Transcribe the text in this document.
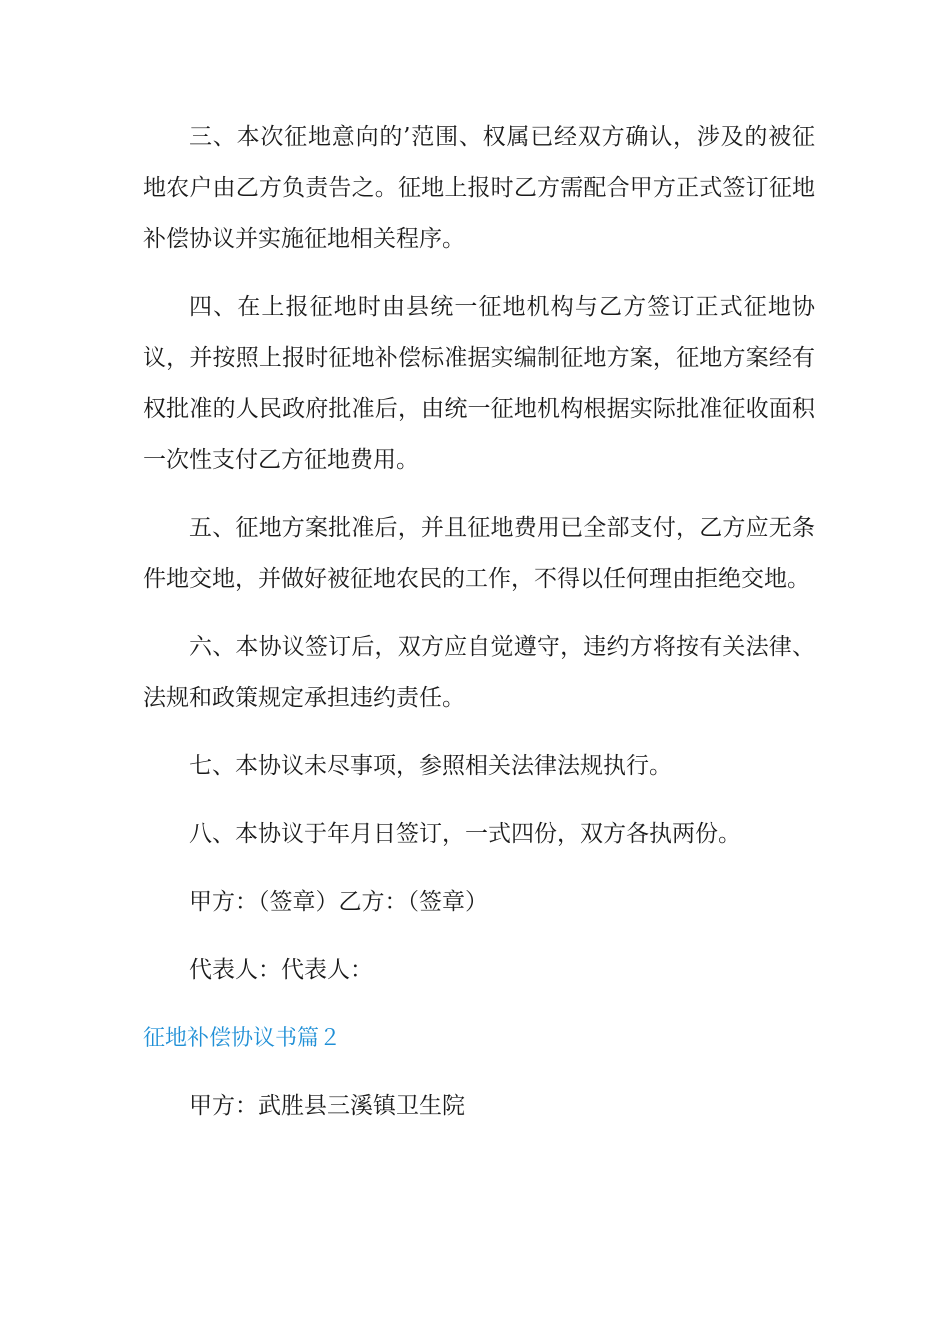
三、本次征地意向的’范围、权属已经双方确认，涉及的被征地农户由乙方负责告之。征地上报时乙方需配合甲方正式签订征地补偿协议并实施征地相关程序。

四、在上报征地时由县统一征地机构与乙方签订正式征地协议，并按照上报时征地补偿标准据实编制征地方案，征地方案经有权批准的人民政府批准后，由统一征地机构根据实际批准征收面积一次性支付乙方征地费用。

五、征地方案批准后，并且征地费用已全部支付，乙方应无条件地交地，并做好被征地农民的工作，不得以任何理由拒绝交地。

六、本协议签订后，双方应自觉遵守，违约方将按有关法律、法规和政策规定承担违约责任。

七、本协议未尽事项，参照相关法律法规执行。

八、本协议于年月日签订，一式四份，双方各执两份。

甲方：（签章）乙方：（签章）

代表人：代表人：

征地补偿协议书篇２

甲方：武胜县三溪镇卫生院
